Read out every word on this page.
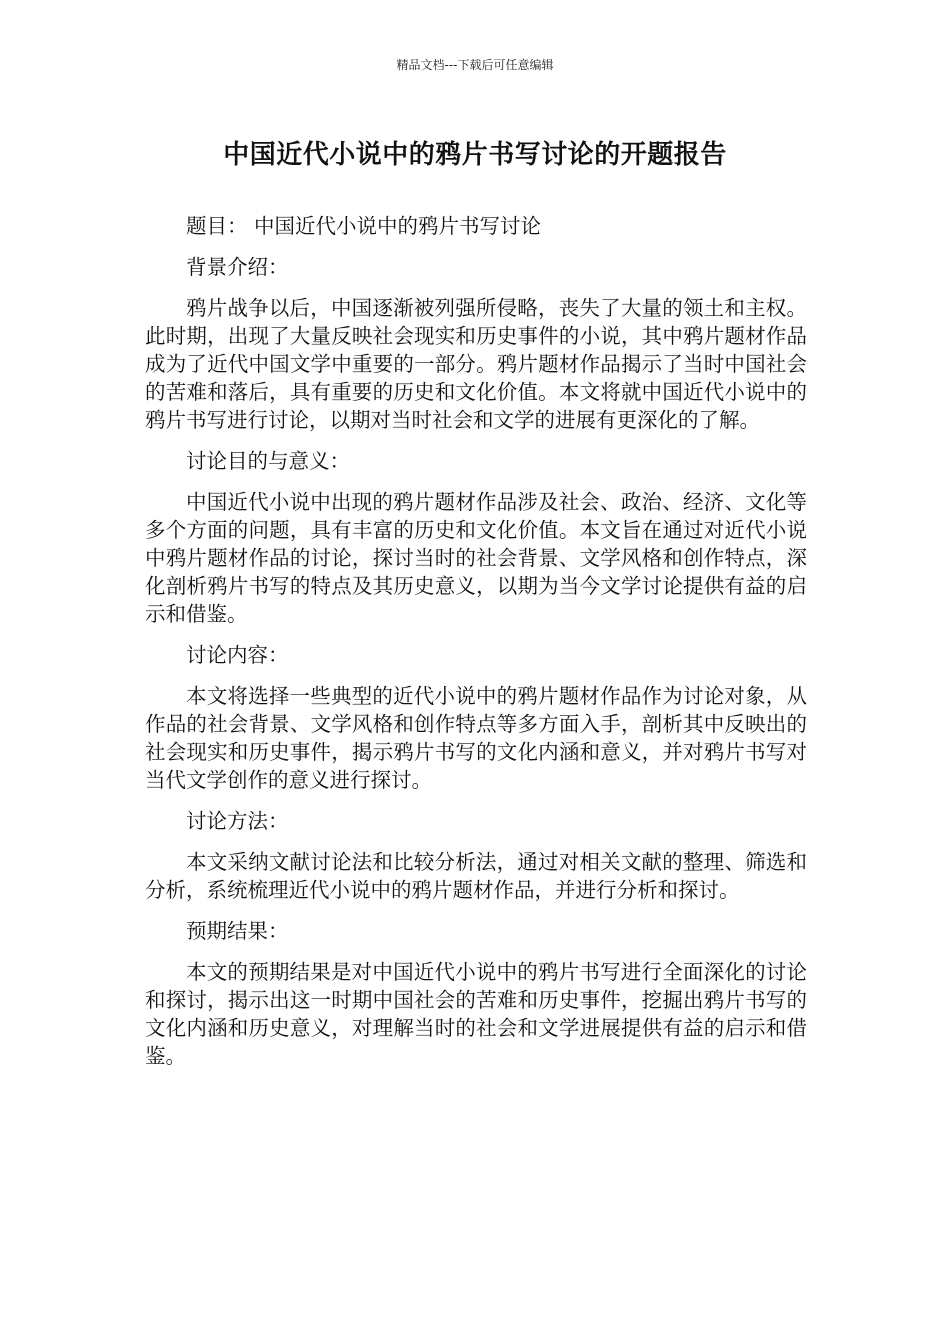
精品文档---下载后可任意编辑
中国近代小说中的鸦片书写讨论的开题报告

题目： 中国近代小说中的鸦片书写讨论

背景介绍：

鸦片战争以后，中国逐渐被列强所侵略，丧失了大量的领土和主权。此时期，出现了大量反映社会现实和历史事件的小说，其中鸦片题材作品成为了近代中国文学中重要的一部分。鸦片题材作品揭示了当时中国社会的苦难和落后，具有重要的历史和文化价值。本文将就中国近代小说中的鸦片书写进行讨论，以期对当时社会和文学的进展有更深化的了解。

讨论目的与意义：

中国近代小说中出现的鸦片题材作品涉及社会、政治、经济、文化等多个方面的问题，具有丰富的历史和文化价值。本文旨在通过对近代小说中鸦片题材作品的讨论，探讨当时的社会背景、文学风格和创作特点，深化剖析鸦片书写的特点及其历史意义，以期为当今文学讨论提供有益的启示和借鉴。

讨论内容：

本文将选择一些典型的近代小说中的鸦片题材作品作为讨论对象，从作品的社会背景、文学风格和创作特点等多方面入手，剖析其中反映出的社会现实和历史事件，揭示鸦片书写的文化内涵和意义，并对鸦片书写对当代文学创作的意义进行探讨。

讨论方法：

本文采纳文献讨论法和比较分析法，通过对相关文献的整理、筛选和分析，系统梳理近代小说中的鸦片题材作品，并进行分析和探讨。

预期结果：

本文的预期结果是对中国近代小说中的鸦片书写进行全面深化的讨论和探讨，揭示出这一时期中国社会的苦难和历史事件，挖掘出鸦片书写的文化内涵和历史意义，对理解当时的社会和文学进展提供有益的启示和借鉴。
